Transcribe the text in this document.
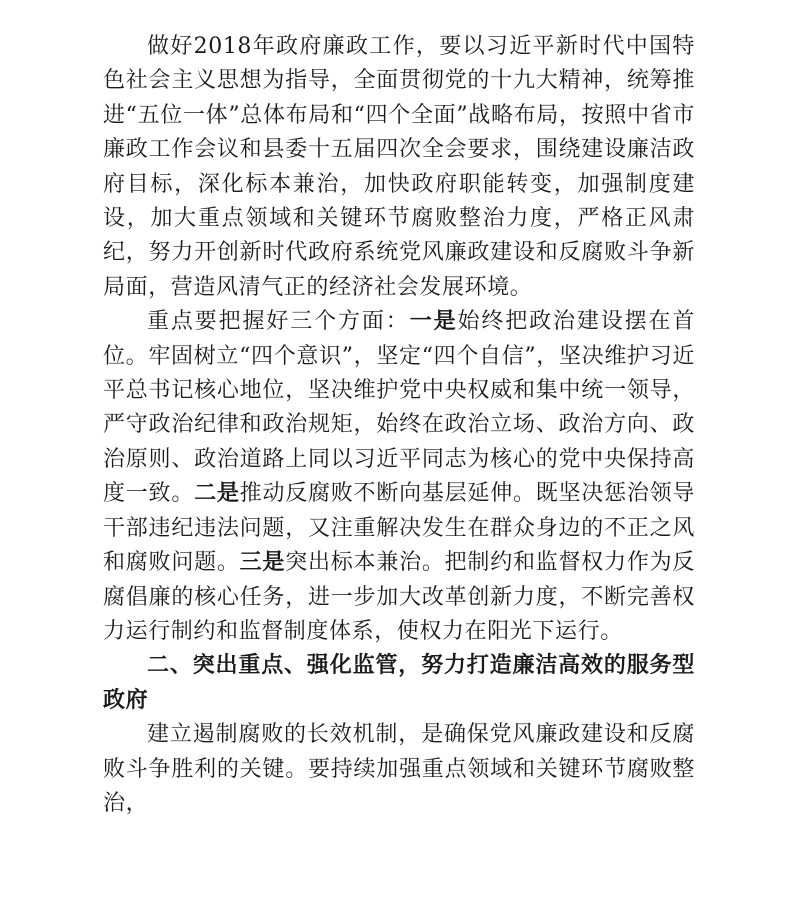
做好2018年政府廉政工作，要以习近平新时代中国特色社会主义思想为指导，全面贯彻党的十九大精神，统筹推进“五位一体”总体布局和“四个全面”战略布局，按照中省市廉政工作会议和县委十五届四次全会要求，围绕建设廉洁政府目标，深化标本兼治，加快政府职能转变，加强制度建设，加大重点领域和关键环节腐败整治力度，严格正风肃纪，努力开创新时代政府系统党风廉政建设和反腐败斗争新局面，营造风清气正的经济社会发展环境。

重点要把握好三个方面：一是始终把政治建设摆在首位。牢固树立“四个意识”，坚定“四个自信”，坚决维护习近平总书记核心地位，坚决维护党中央权威和集中统一领导，严守政治纪律和政治规矩，始终在政治立场、政治方向、政治原则、政治道路上同以习近平同志为核心的党中央保持高度一致。二是推动反腐败不断向基层延伸。既坚决惩治领导干部违纪违法问题，又注重解决发生在群众身边的不正之风和腐败问题。三是突出标本兼治。把制约和监督权力作为反腐倡廉的核心任务，进一步加大改革创新力度，不断完善权力运行制约和监督制度体系，使权力在阳光下运行。

二、突出重点、强化监管，努力打造廉洁高效的服务型政府

建立遏制腐败的长效机制，是确保党风廉政建设和反腐败斗争胜利的关键。要持续加强重点领域和关键环节腐败整治，
